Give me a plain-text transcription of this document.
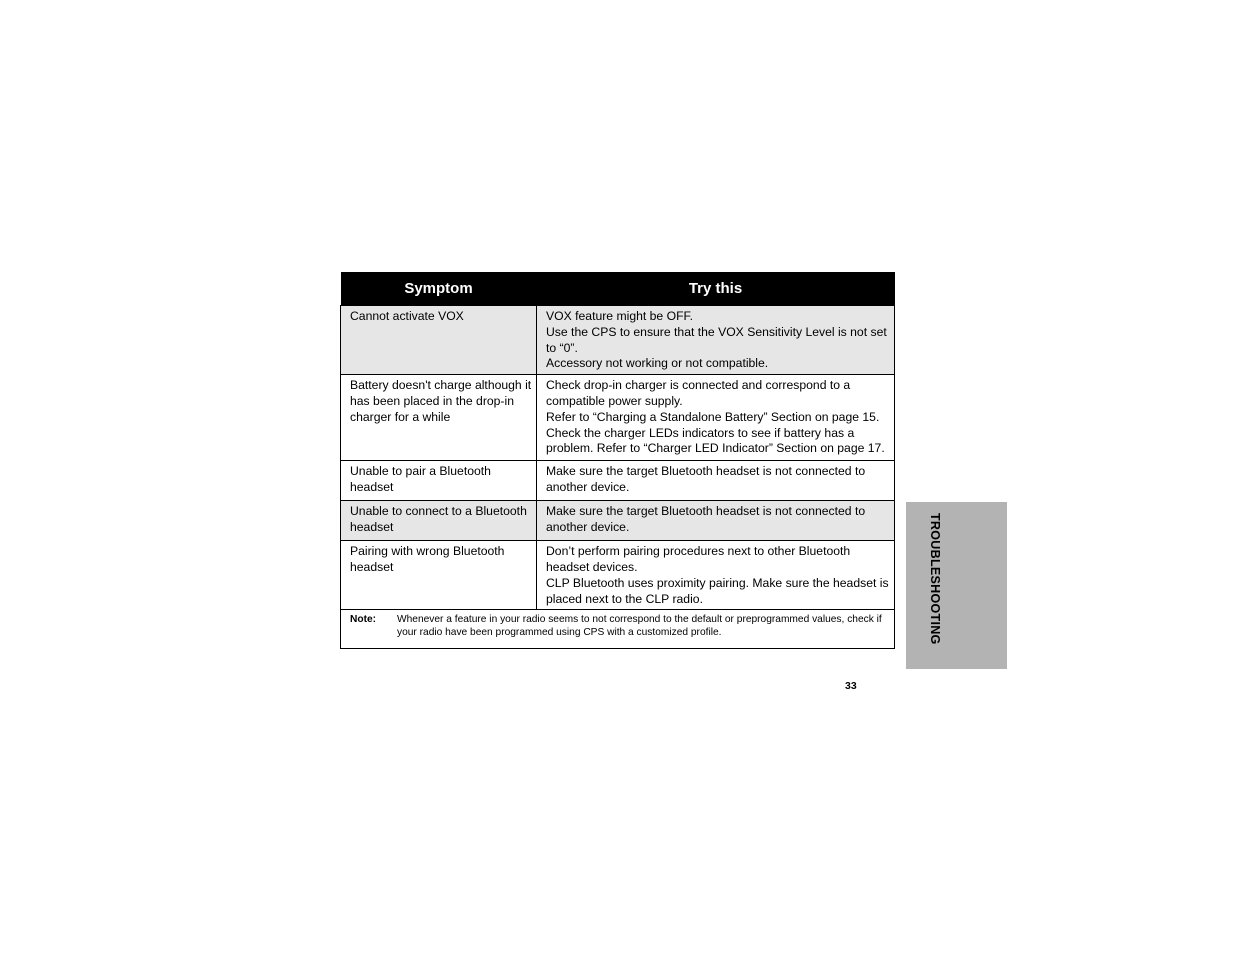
Symptom	Try this
Cannot activate VOX	VOX feature might be OFF.
Use the CPS to ensure that the VOX Sensitivity Level is not set to “0”.
Accessory not working or not compatible.

Battery doesn't charge although it has been placed in the drop-in charger for a while	Check drop-in charger is connected and correspond to a compatible power supply.
Refer to “Charging a Standalone Battery” Section on page 15.
Check the charger LEDs indicators to see if battery has a problem. Refer to “Charger LED Indicator” Section on page 17.

Unable to pair a Bluetooth headset	Make sure the target Bluetooth headset is not connected to another device.

Unable to connect to a Bluetooth headset	Make sure the target Bluetooth headset is not connected to another device.

Pairing with wrong Bluetooth headset	Don’t perform pairing procedures next to other Bluetooth headset devices.
CLP Bluetooth uses proximity pairing. Make sure the headset is placed next to the CLP radio.

Note: Whenever a feature in your radio seems to not correspond to the default or preprogrammed values, check if your radio have been programmed using CPS with a customized profile.		TROUBLESHOOTING
33
